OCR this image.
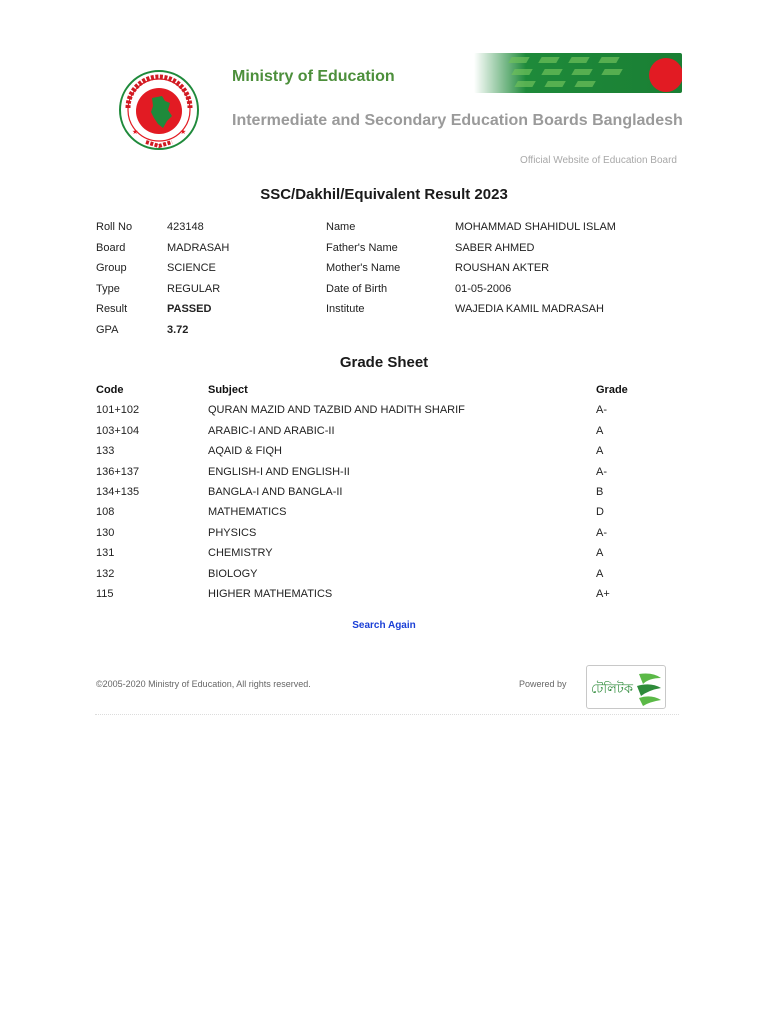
★	★
Ministry of Education
Intermediate and Secondary Education Boards Bangladesh
Official Website of Education Board
SSC/Dakhil/Equivalent Result 2023
Roll No	423148	Name	MOHAMMAD SHAHIDUL ISLAM
Board	MADRASAH	Father's Name	SABER AHMED
Group	SCIENCE	Mother's Name	ROUSHAN AKTER
Type	REGULAR	Date of Birth	01-05-2006
Result	PASSED	Institute	WAJEDIA KAMIL MADRASAH
GPA	3.72
Grade Sheet
Code	Subject	Grade
101+102	QURAN MAZID AND TAZBID AND HADITH SHARIF	A-
103+104	ARABIC-I AND ARABIC-II	A
133	AQAID & FIQH	A
136+137	ENGLISH-I AND ENGLISH-II	A-
134+135	BANGLA-I AND BANGLA-II	B
108	MATHEMATICS	D
130	PHYSICS	A-
131	CHEMISTRY	A
132	BIOLOGY	A
115	HIGHER MATHEMATICS	A+
Search Again
©2005-2020 Ministry of Education, All rights reserved.	Powered by টেলিটক
